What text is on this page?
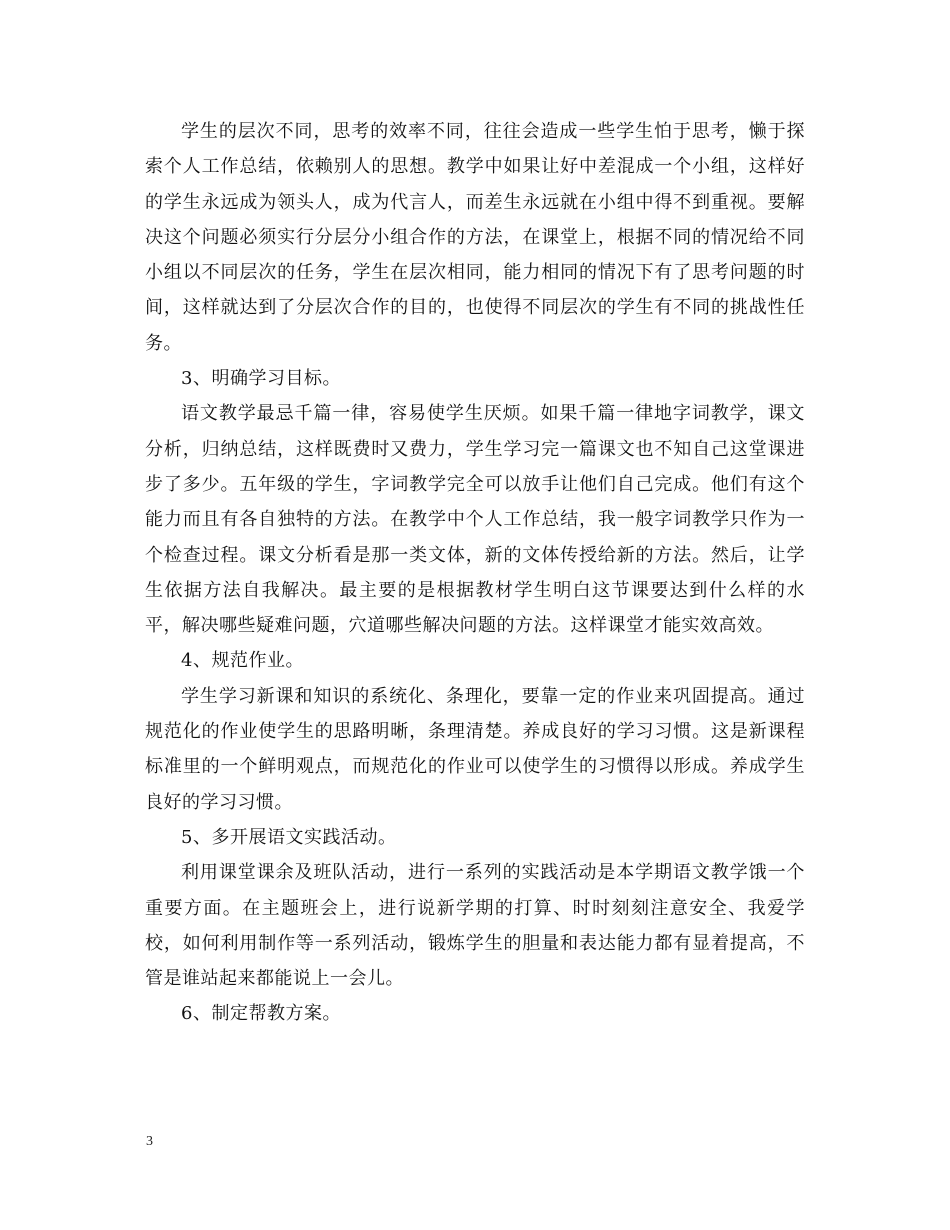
学生的层次不同，思考的效率不同，往往会造成一些学生怕于思考，懒于探索个人工作总结，依赖别人的思想。教学中如果让好中差混成一个小组，这样好的学生永远成为领头人，成为代言人，而差生永远就在小组中得不到重视。要解决这个问题必须实行分层分小组合作的方法，在课堂上，根据不同的情况给不同小组以不同层次的任务，学生在层次相同，能力相同的情况下有了思考问题的时间，这样就达到了分层次合作的目的，也使得不同层次的学生有不同的挑战性任务。

3、明确学习目标。

语文教学最忌千篇一律，容易使学生厌烦。如果千篇一律地字词教学，课文分析，归纳总结，这样既费时又费力，学生学习完一篇课文也不知自己这堂课进步了多少。五年级的学生，字词教学完全可以放手让他们自己完成。他们有这个能力而且有各自独特的方法。在教学中个人工作总结，我一般字词教学只作为一个检查过程。课文分析看是那一类文体，新的文体传授给新的方法。然后，让学生依据方法自我解决。最主要的是根据教材学生明白这节课要达到什么样的水平，解决哪些疑难问题，穴道哪些解决问题的方法。这样课堂才能实效高效。

4、规范作业。

学生学习新课和知识的系统化、条理化，要靠一定的作业来巩固提高。通过规范化的作业使学生的思路明晰，条理清楚。养成良好的学习习惯。这是新课程标准里的一个鲜明观点，而规范化的作业可以使学生的习惯得以形成。养成学生良好的学习习惯。

5、多开展语文实践活动。

利用课堂课余及班队活动，进行一系列的实践活动是本学期语文教学饿一个重要方面。在主题班会上，进行说新学期的打算、时时刻刻注意安全、我爱学校，如何利用制作等一系列活动，锻炼学生的胆量和表达能力都有显着提高，不管是谁站起来都能说上一会儿。

6、制定帮教方案。

3
